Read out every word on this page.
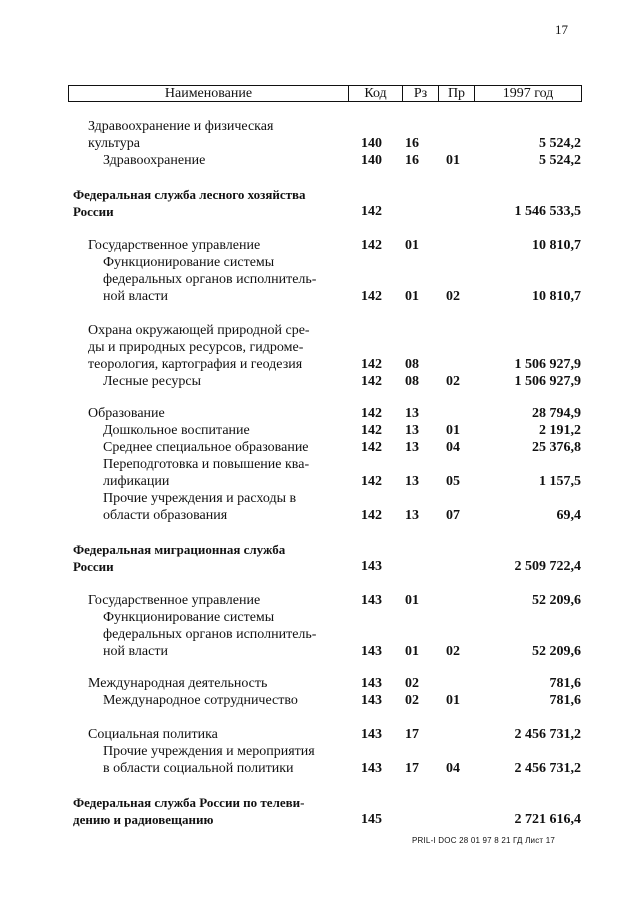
17
Наименование	Код	Рз	Пр	1997 год
Здравоохранение и физическая
культура	140 16	5 524,2
Здравоохранение	140 16 01	5 524,2
Федеральная служба лесного хозяйства
России	142	1 546 533,5
Государственное управление	142 01	10 810,7
Функционирование системы
федеральных органов исполнитель-
ной власти	142 01 02	10 810,7
Охрана окружающей природной сре-
ды и природных ресурсов, гидроме-
теорология, картография и геодезия	142 08	1 506 927,9
Лесные ресурсы	142 08 02	1 506 927,9
Образование	142 13	28 794,9
Дошкольное воспитание	142 13 01	2 191,2
Среднее специальное образование	142 13 04	25 376,8
Переподготовка и повышение ква-
лификации	142 13 05	1 157,5
Прочие учреждения и расходы в
области образования	142 13 07	69,4
Федеральная миграционная служба
России	143	2 509 722,4
Государственное управление	143 01	52 209,6
Функционирование системы
федеральных органов исполнитель-
ной власти	143 01 02	52 209,6
Международная деятельность	143 02	781,6
Международное сотрудничество	143 02 01	781,6
Социальная политика	143 17	2 456 731,2
Прочие учреждения и мероприятия
в области социальной политики	143 17 04	2 456 731,2
Федеральная служба России по телеви-
дению и радиовещанию	145	2 721 616,4
PRIL-I DOC 28 01 97 8 21 ГД Лист 17
